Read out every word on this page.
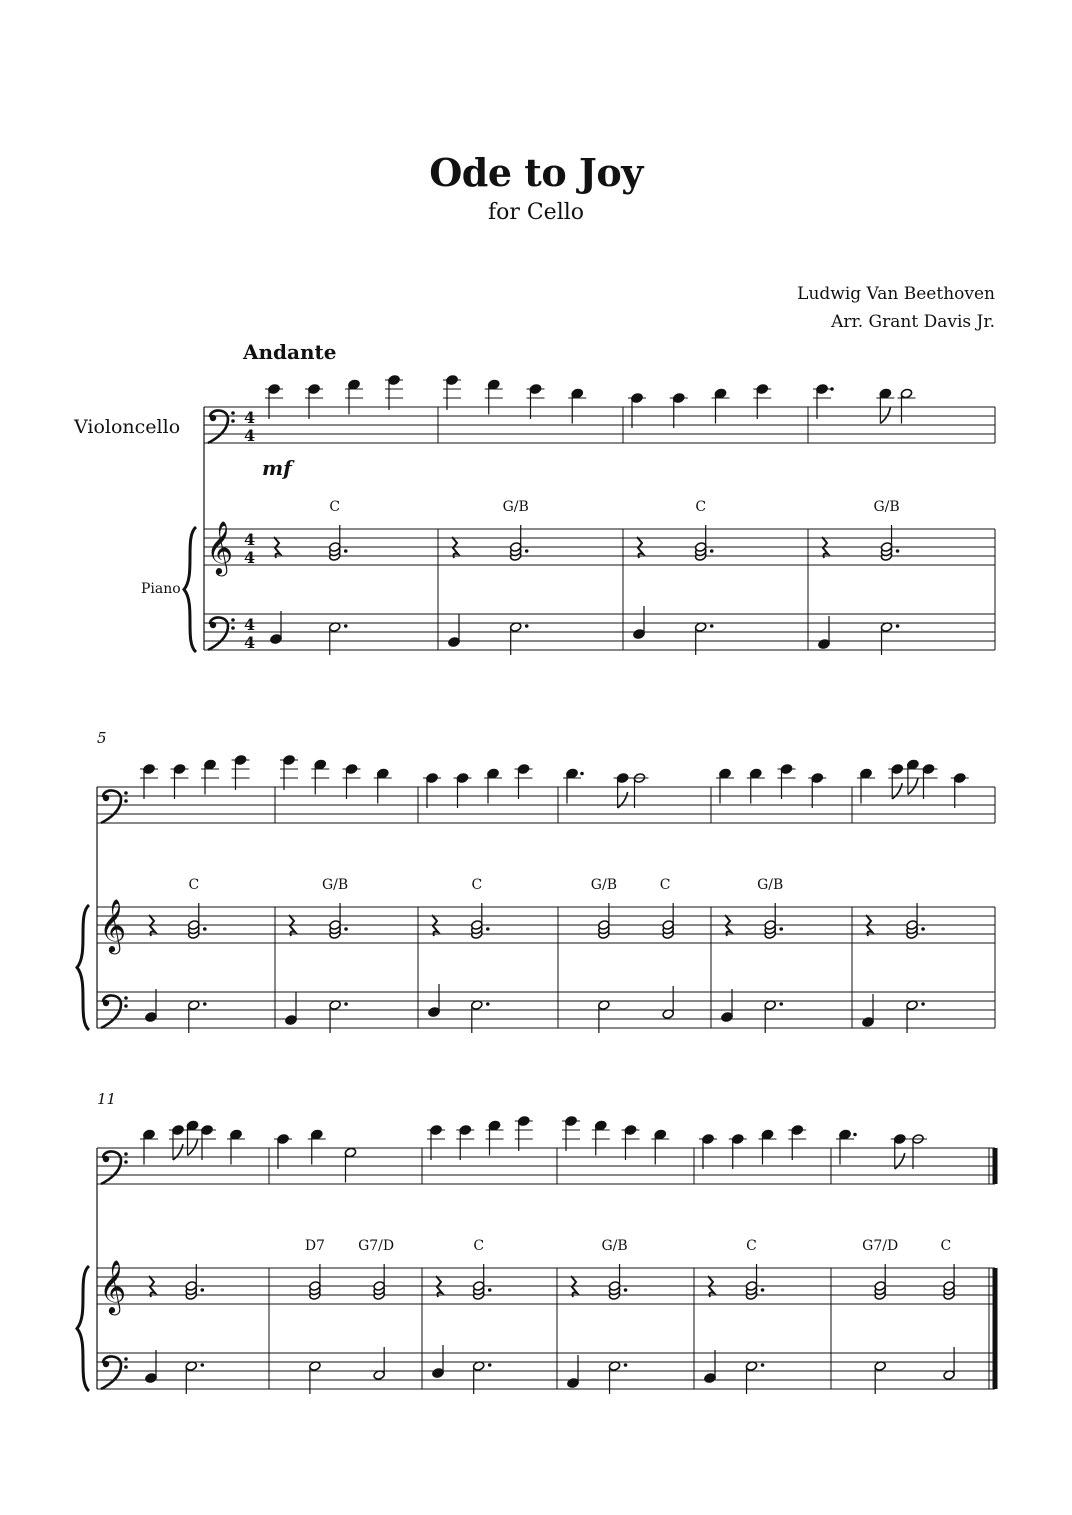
Ode to Joy
for Cello
Ludwig Van Beethoven
Arr. Grant Davis Jr.
Andante
Violoncello
Piano
mf
𝄞
4
4
4
4
4
4
C	G/B	C	G/B
𝄞
5
C	G/B	C	G/B	C	G/B
𝄞
11
D7 G7/D	C	G/B	C	G7/D	C
